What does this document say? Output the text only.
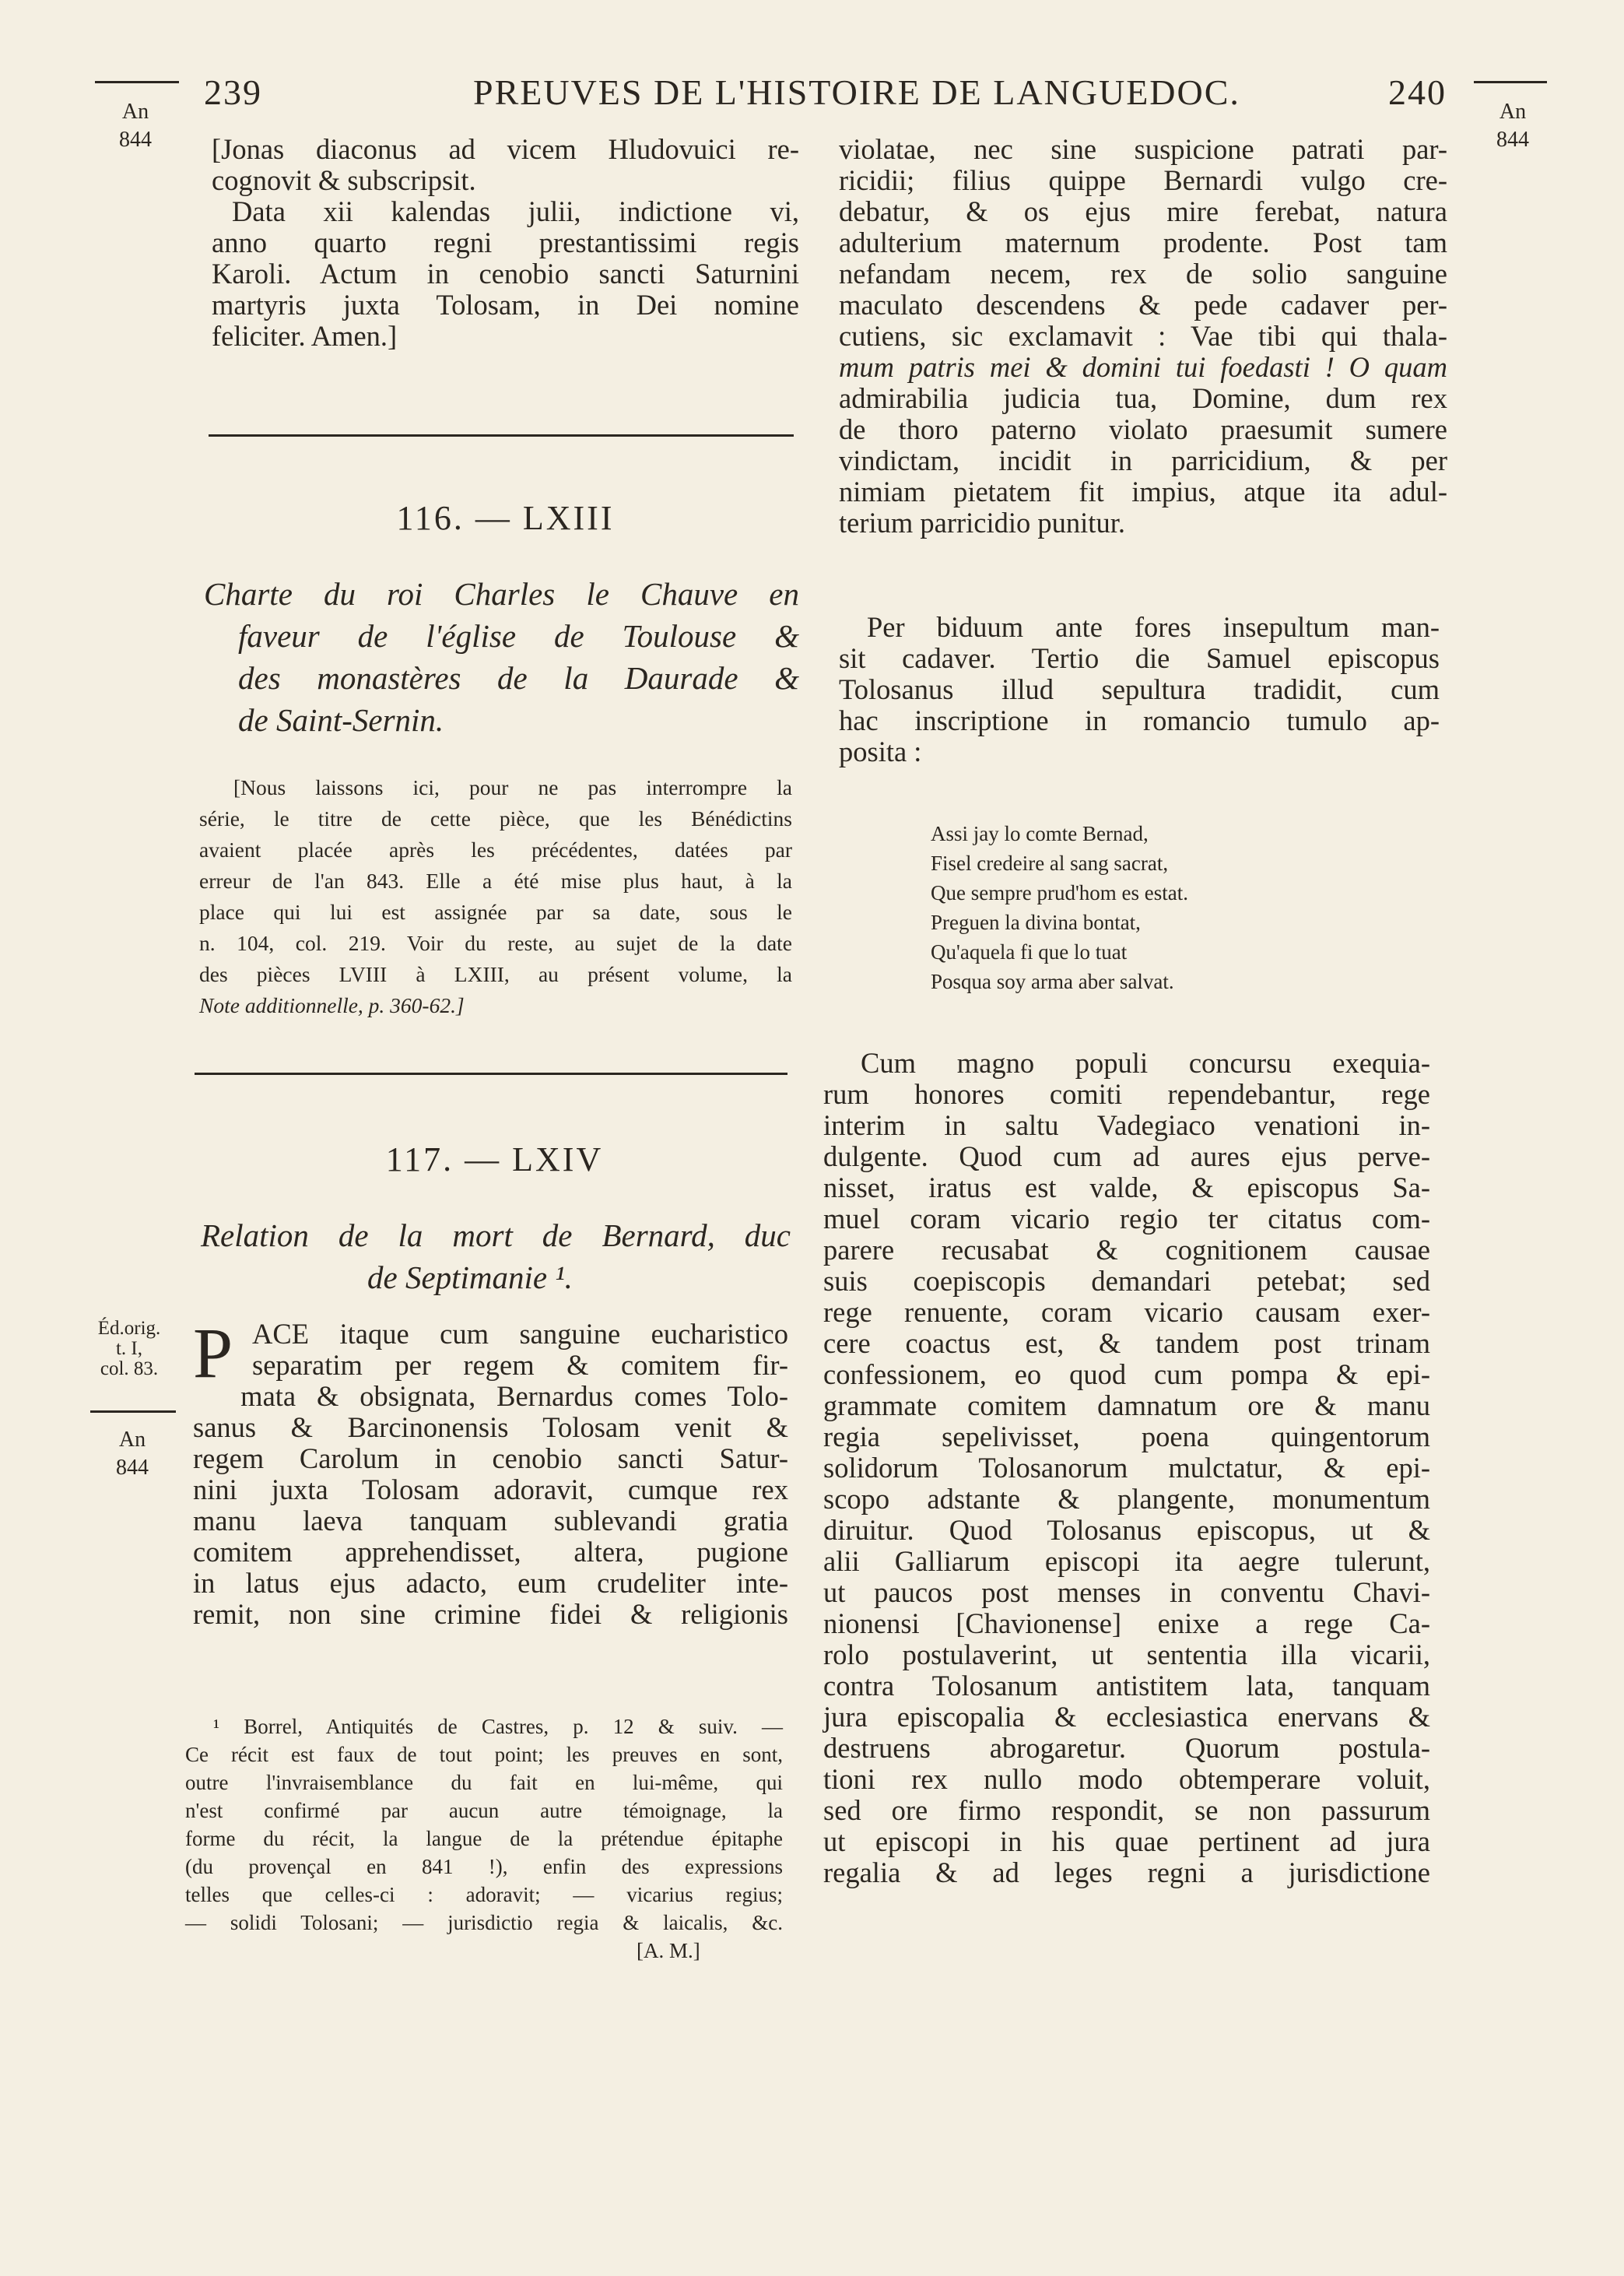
239	PREUVES DE L'HISTOIRE DE LANGUEDOC.	240
An
844
An
844
[Jonas diaconus ad vicem Hludovuici re-
cognovit & subscripsit.
Data xii kalendas julii, indictione vi,
anno quarto regni prestantissimi regis
Karoli. Actum in cenobio sancti Saturnini
martyris juxta Tolosam, in Dei nomine
feliciter. Amen.]
116. — LXIII
Charte du roi Charles le Chauve en
faveur de l'église de Toulouse &
des monastères de la Daurade &
de Saint-Sernin.
[Nous laissons ici, pour ne pas interrompre la
série, le titre de cette pièce, que les Bénédictins
avaient placée après les précédentes, datées par
erreur de l'an 843. Elle a été mise plus haut, à la
place qui lui est assignée par sa date, sous le
n. 104, col. 219. Voir du reste, au sujet de la date
des pièces LVIII à LXIII, au présent volume, la
Note additionnelle, p. 360-62.]
117. — LXIV
Relation de la mort de Bernard, duc
de Septimanie ¹.
Éd.orig.
t. I,
col. 83.
An
844
P ACE itaque cum sanguine eucharistico
separatim per regem & comitem fir-
mata & obsignata, Bernardus comes Tolo-
sanus & Barcinonensis Tolosam venit &
regem Carolum in cenobio sancti Satur-
nini juxta Tolosam adoravit, cumque rex
manu laeva tanquam sublevandi gratia
comitem apprehendisset, altera, pugione
in latus ejus adacto, eum crudeliter inte-
remit, non sine crimine fidei & religionis
¹ Borrel, Antiquités de Castres, p. 12 & suiv. —
Ce récit est faux de tout point; les preuves en sont,
outre l'invraisemblance du fait en lui-même, qui
n'est confirmé par aucun autre témoignage, la
forme du récit, la langue de la prétendue épitaphe
(du provençal en 841 !), enfin des expressions
telles que celles-ci : adoravit; — vicarius regius;
— solidi Tolosani; — jurisdictio regia & laicalis, &c.
[A. M.]
violatae, nec sine suspicione patrati par-
ricidii; filius quippe Bernardi vulgo cre-
debatur, & os ejus mire ferebat, natura
adulterium maternum prodente. Post tam
nefandam necem, rex de solio sanguine
maculato descendens & pede cadaver per-
cutiens, sic exclamavit : Vae tibi qui thala-
mum patris mei & domini tui foedasti ! O quam
admirabilia judicia tua, Domine, dum rex
de thoro paterno violato praesumit sumere
vindictam, incidit in parricidium, & per
nimiam pietatem fit impius, atque ita adul-
terium parricidio punitur.
Per biduum ante fores insepultum man-
sit cadaver. Tertio die Samuel episcopus
Tolosanus illud sepultura tradidit, cum
hac inscriptione in romancio tumulo ap-
posita :
Assi jay lo comte Bernad,
Fisel credeire al sang sacrat,
Que sempre prud'hom es estat.
Preguen la divina bontat,
Qu'aquela fi que lo tuat
Posqua soy arma aber salvat.
Cum magno populi concursu exequia-
rum honores comiti rependebantur, rege
interim in saltu Vadegiaco venationi in-
dulgente. Quod cum ad aures ejus perve-
nisset, iratus est valde, & episcopus Sa-
muel coram vicario regio ter citatus com-
parere recusabat & cognitionem causae
suis coepiscopis demandari petebat; sed
rege renuente, coram vicario causam exer-
cere coactus est, & tandem post trinam
confessionem, eo quod cum pompa & epi-
grammate comitem damnatum ore & manu
regia sepelivisset, poena quingentorum
solidorum Tolosanorum mulctatur, & epi-
scopo adstante & plangente, monumentum
diruitur. Quod Tolosanus episcopus, ut &
alii Galliarum episcopi ita aegre tulerunt,
ut paucos post menses in conventu Chavi-
nionensi [Chavionense] enixe a rege Ca-
rolo postulaverint, ut sententia illa vicarii,
contra Tolosanum antistitem lata, tanquam
jura episcopalia & ecclesiastica enervans &
destruens abrogaretur. Quorum postula-
tioni rex nullo modo obtemperare voluit,
sed ore firmo respondit, se non passurum
ut episcopi in his quae pertinent ad jura
regalia & ad leges regni a jurisdictione
